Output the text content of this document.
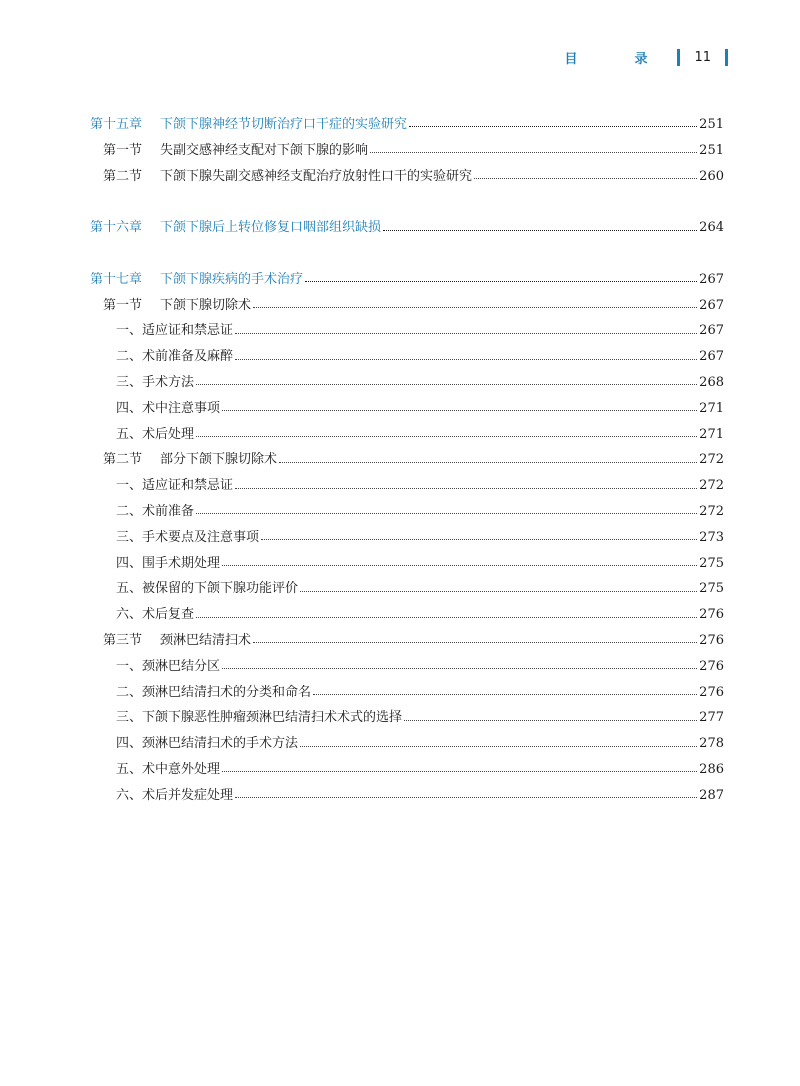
目　录 11
第十五章	下颌下腺神经节切断治疗口干症的实验研究	251
第一节	失副交感神经支配对下颌下腺的影响	251
第二节	下颌下腺失副交感神经支配治疗放射性口干的实验研究	260
第十六章	下颌下腺后上转位修复口咽部组织缺损	264
第十七章	下颌下腺疾病的手术治疗	267
第一节	下颌下腺切除术	267
一、适应证和禁忌证	267
二、术前准备及麻醉	267
三、手术方法	268
四、术中注意事项	271
五、术后处理	271
第二节	部分下颌下腺切除术	272
一、适应证和禁忌证	272
二、术前准备	272
三、手术要点及注意事项	273
四、围手术期处理	275
五、被保留的下颌下腺功能评价	275
六、术后复查	276
第三节	颈淋巴结清扫术	276
一、颈淋巴结分区	276
二、颈淋巴结清扫术的分类和命名	276
三、下颌下腺恶性肿瘤颈淋巴结清扫术术式的选择	277
四、颈淋巴结清扫术的手术方法	278
五、术中意外处理	286
六、术后并发症处理	287
